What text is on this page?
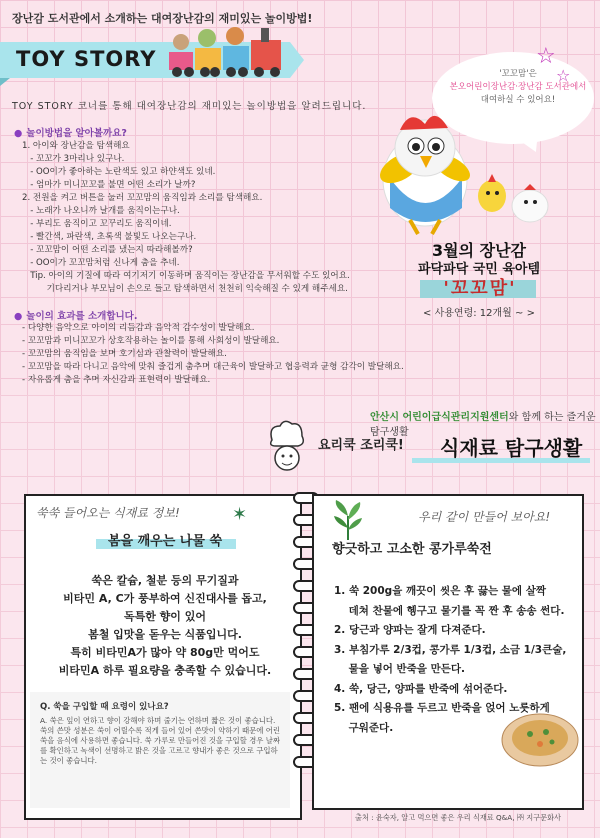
장난감 도서관에서 소개하는 대여장난감의 재미있는 놀이방법!
TOY STORY
TOY STORY 코너를 통해 대여장난감의 재미있는 놀이방법을 알려드립니다.
● 놀이방법을 알아볼까요?
1. 아이와 장난감을 탐색해요
- 꼬꼬가 3마리나 있구나.
- OO이가 좋아하는 노란색도 있고 하얀색도 있네.
- 엄마가 미니꼬꼬를 불면 어떤 소리가 날까?
2. 전원을 켜고 버튼을 눌러 꼬꼬맘의 움직임과 소리를 탐색해요.
- 노래가 나오니까 날개를 움직이는구나.
- 부리도 움직이고 꼬꾸리도 움직이네.
- 빨간색, 파란색, 초록색 불빛도 나오는구나.
- 꼬꼬맘이 어떤 소리를 냈는지 따라해볼까?
- OO이가 꼬꼬맘처럼 신나게 춤을 추네.
Tip. 아이의 기질에 따라 여기저기 이동하며 움직이는 장난감을 무서워할 수도 있어요.
기다리거나 부모님이 손으로 들고 탐색하면서 천천히 익숙해질 수 있게 해주세요.
● 놀이의 효과를 소개합니다.
- 다양한 음악으로 아이의 리듬감과 음악적 감수성이 발달해요.
- 꼬꼬맘과 미니꼬꼬가 상호작용하는 놀이를 통해 사회성이 발달해요.
- 꼬꼬맘의 움직임을 보며 호기심과 관찰력이 발달해요.
- 꼬꼬맘을 따라 다니고 음악에 맞춰 즐겁게 춤추며 대근육이 발달하고 협응력과 균형 감각이 발달해요.
- 자유롭게 춤을 추며 자신감과 표현력이 발달해요.
'꼬꼬맘'은
본오어린이장난감·장난감 도서관에서
대여하실 수 있어요!
☆
☆
3월의 장난감
파닥파닥 국민 육아템
'꼬꼬맘'
< 사용연령: 12개월 ~ >
안산시 어린이급식관리지원센터와 함께 하는 즐거운 탐구생활
요리쿡 조리쿡! 식재료 탐구생활
쑥쑥 들어오는 식재료 정보!	✶
봄을 깨우는 나물 쑥
쑥은 칼슘, 철분 등의 무기질과
비타민 A, C가 풍부하여 신진대사를 돕고,
독특한 향이 있어
봄철 입맛을 돋우는 식품입니다.
특히 비타민A가 많아 약 80g만 먹어도
비타민A 하루 필요량을 충족할 수 있습니다.
Q. 쑥을 구입할 때 요령이 있나요?
A. 쑥은 잎이 연하고 향이 강해야 하며 줄기는 연하며 짧은 것이 좋습니다. 쑥의 쓴맛 성분은 쑥이 어릴수록 적게 들어 있어 쓴맛이 약하기 때문에 어린 쑥을 음식에 사용하면 좋습니다. 쑥 가루로 만들어진 것을 구입할 경우 날짜를 확인하고 녹색이 선명하고 밝은 것을 고르고 향내가 좋은 것으로 구입하는 것이 좋습니다.
우리 같이 만들어 보아요!
향긋하고 고소한 콩가루쑥전
1. 쑥 200g을 깨끗이 씻은 후 끓는 물에 살짝
데쳐 찬물에 헹구고 물기를 꼭 짠 후 송송 썬다.
2. 당근과 양파는 잘게 다져준다.
3. 부침가루 2/3컵, 콩가루 1/3컵, 소금 1/3큰술,
물을 넣어 반죽을 만든다.
4. 쑥, 당근, 양파를 반죽에 섞어준다.
5. 팬에 식용유를 두르고 반죽을 얹어 노릇하게
구워준다.
출처 : 윤숙자, 알고 먹으면 좋은 우리 식재료 Q&A, ㈜ 지구문화사
